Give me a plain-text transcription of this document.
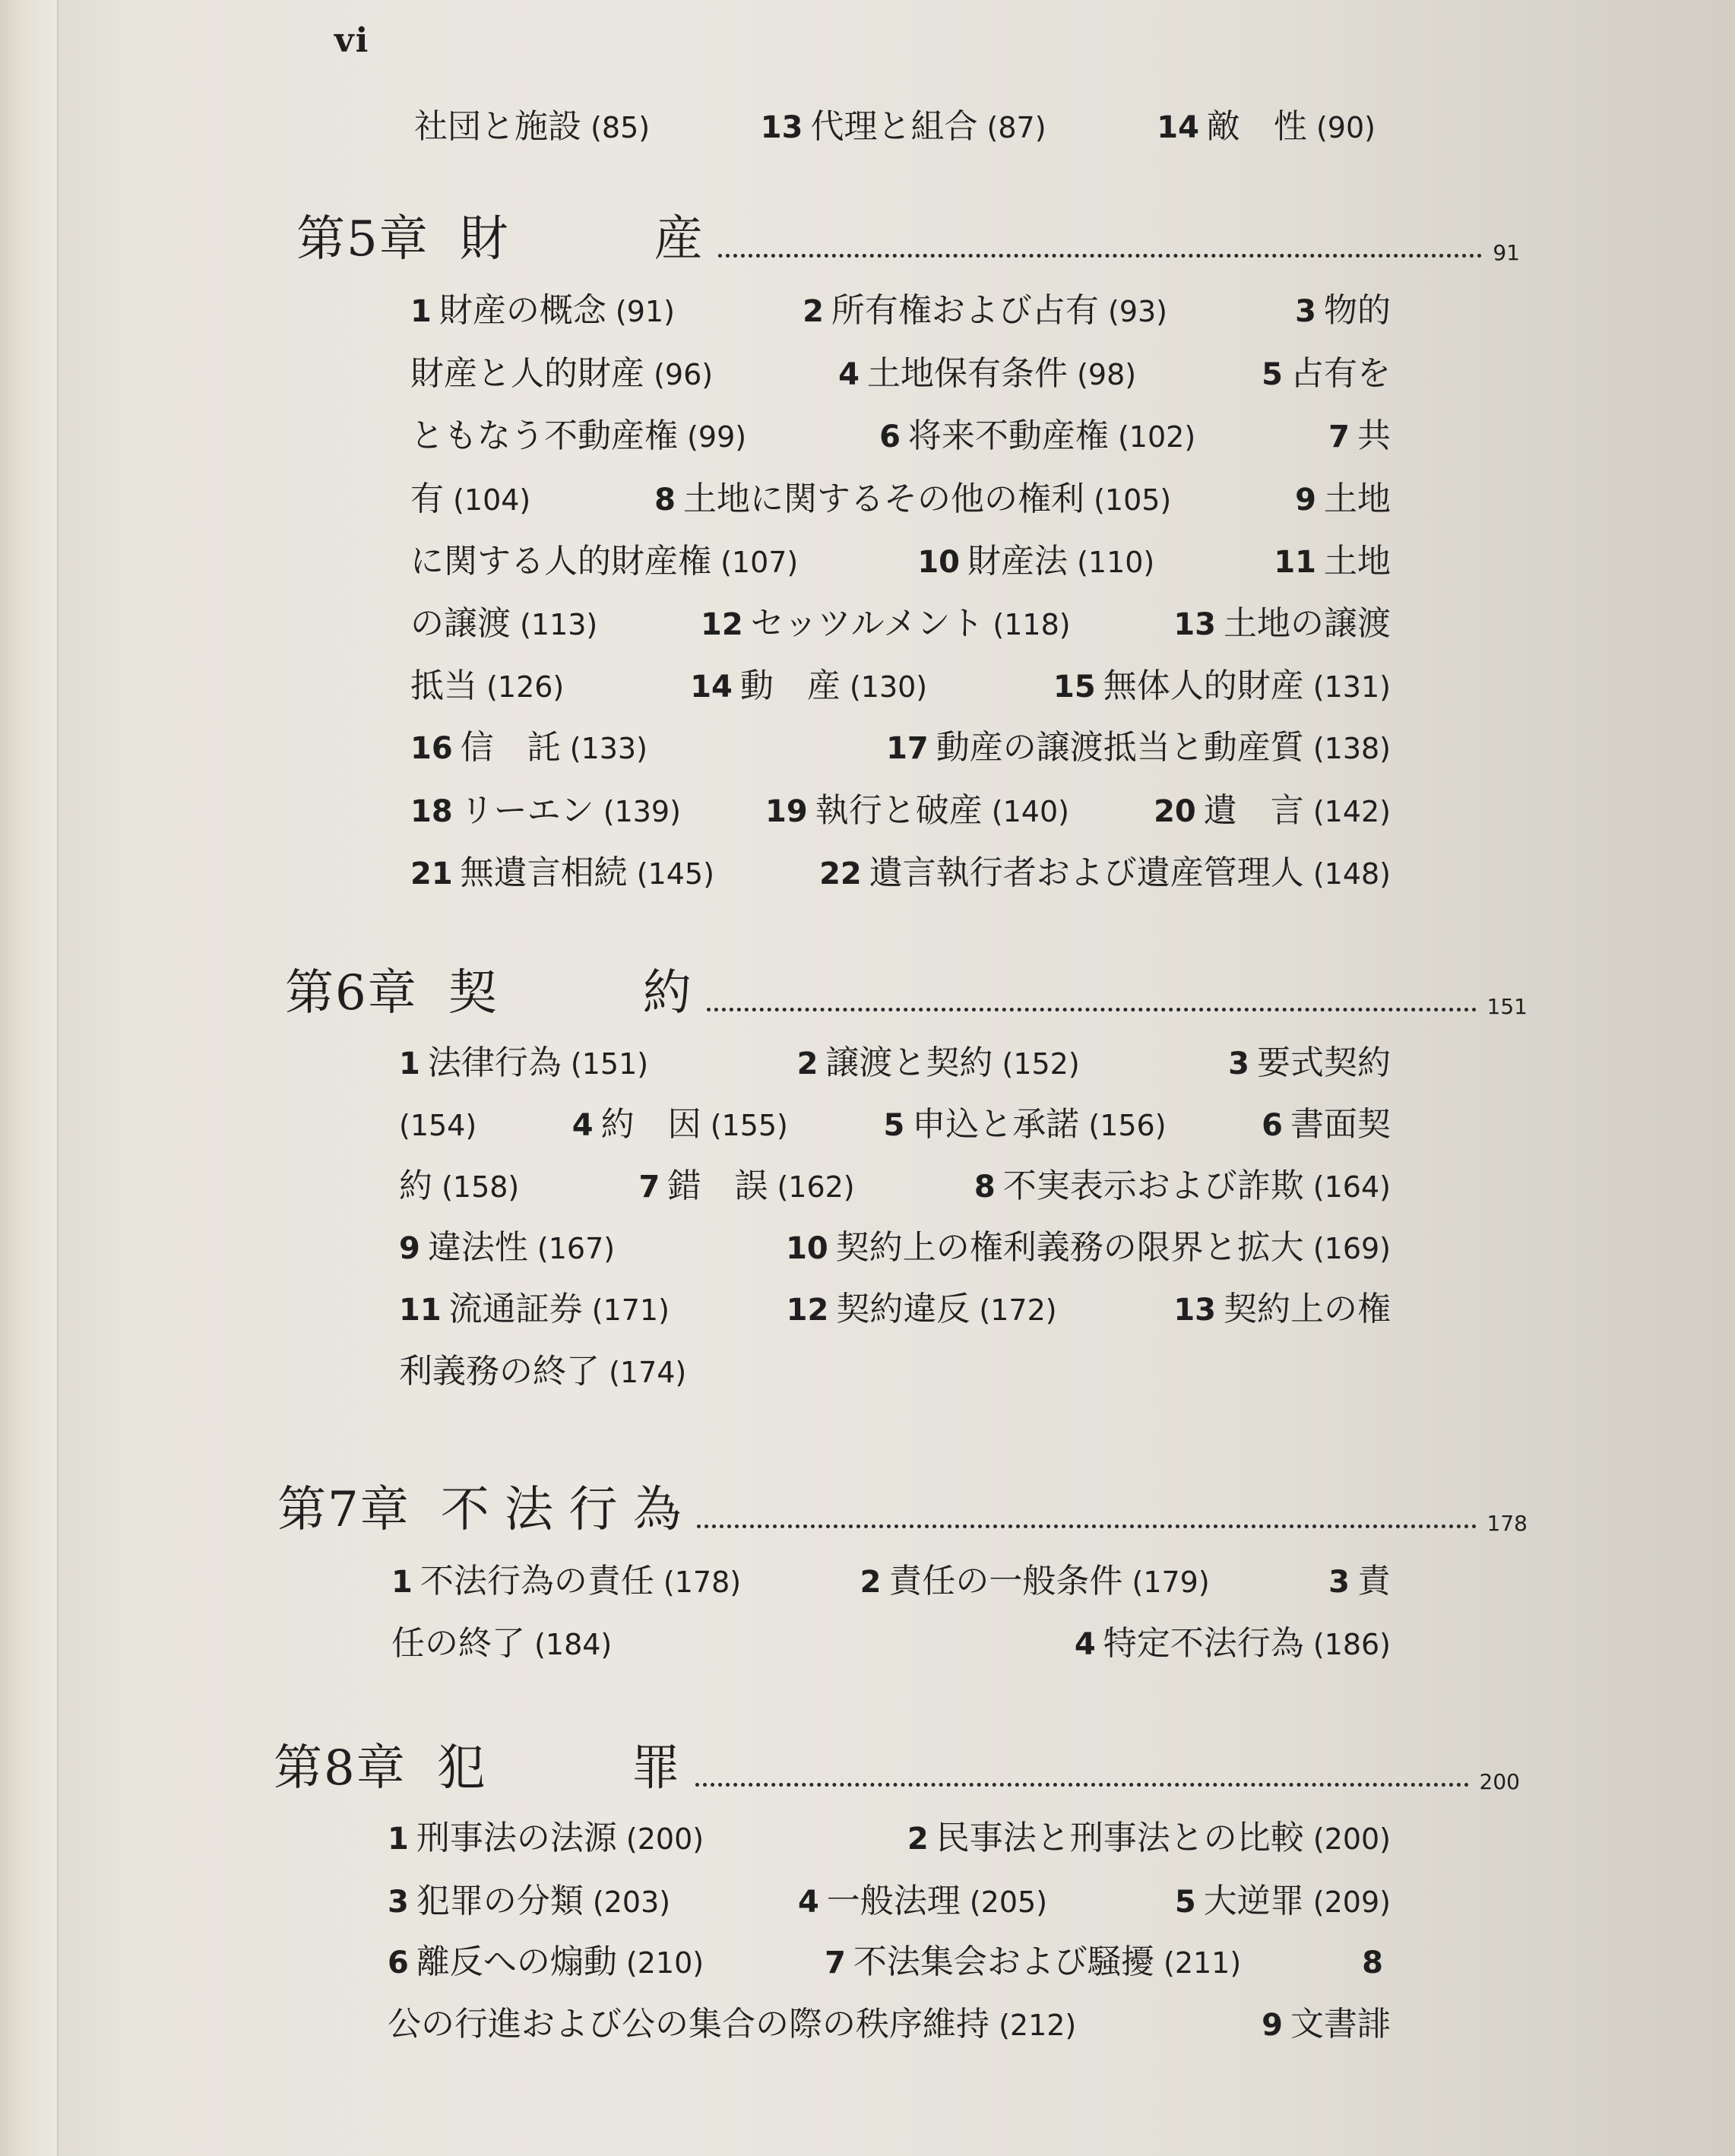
vi
社団と施設 (85)	13 代理と組合 (87)	14 敵　性 (90)
第5章 財　　　産	91
1 財産の概念 (91)	2 所有権および占有 (93)	3 物的
財産と人的財産 (96)	4 土地保有条件 (98)	5 占有を
ともなう不動産権 (99)	6 将来不動産権 (102)	7 共
有 (104)	8 土地に関するその他の権利 (105)	9 土地
に関する人的財産権 (107)	10 財産法 (110)	11 土地
の譲渡 (113)	12 セッツルメント (118)	13 土地の譲渡
抵当 (126)	14 動　産 (130)	15 無体人的財産 (131)
16 信　託 (133)	17 動産の譲渡抵当と動産質 (138)
18 リーエン (139)	19 執行と破産 (140)	20 遺　言 (142)
21 無遺言相続 (145)	22 遺言執行者および遺産管理人 (148)
第6章 契　　　約	151
1 法律行為 (151)	2 譲渡と契約 (152)	3 要式契約
(154)	4 約　因 (155)	5 申込と承諾 (156)	6 書面契
約 (158)	7 錯　誤 (162)	8 不実表示および詐欺 (164)
9 違法性 (167)	10 契約上の権利義務の限界と拡大 (169)
11 流通証券 (171)	12 契約違反 (172)	13 契約上の権
利義務の終了 (174)
第7章 不 法 行 為	178
1 不法行為の責任 (178)	2 責任の一般条件 (179)	3 責
任の終了 (184)	4 特定不法行為 (186)
第8章 犯　　　罪	200
1 刑事法の法源 (200)	2 民事法と刑事法との比較 (200)
3 犯罪の分類 (203)	4 一般法理 (205)	5 大逆罪 (209)
6 離反への煽動 (210)	7 不法集会および騒擾 (211)	8
公の行進および公の集合の際の秩序維持 (212)	9 文書誹
